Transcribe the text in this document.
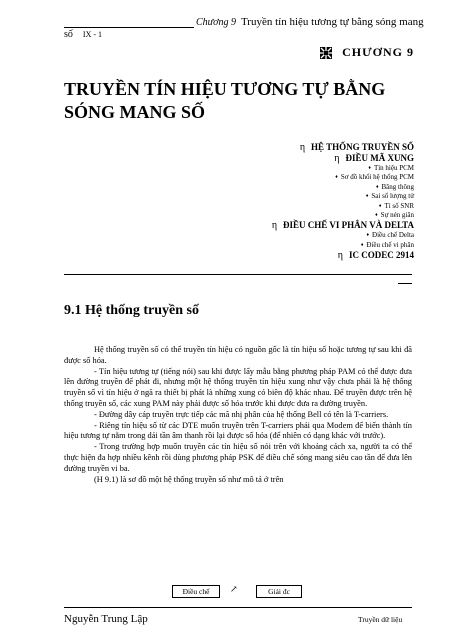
Chương 9 Truyền tín hiệu tương tự bằng sóng mang
số IX - 1
CHƯƠNG 9
TRUYỀN TÍN HIỆU TƯƠNG TỰ BẰNG SÓNG MANG SỐ
η HỆ THỐNG TRUYỀN SỐ
η ĐIỀU MÃ XUNG
♦ Tín hiệu PCM
♦ Sơ đồ khối hệ thống PCM
♦ Băng thông
♦ Sai số lượng tử
♦ Tỉ số SNR
♦ Sự nén giãn
η ĐIỀU CHẾ VI PHÂN VÀ DELTA
♦ Điều chế Delta
♦ Điều chế vi phân
η IC CODEC 2914
9.1 Hệ thống truyền số

Hệ thống truyền số có thể truyền tín hiệu có nguồn gốc là tín hiệu số hoặc tương tự sau khi đã được số hóa.

- Tín hiệu tương tự (tiếng nói) sau khi được lấy mẫu bằng phương pháp PAM có thể được đưa lên đường truyền để phát đi, nhưng một hệ thống truyền tín hiệu xung như vậy chưa phải là hệ thống truyền số vì tín hiệu ở ngã ra thiết bị phát là những xung có biên độ khác nhau. Để truyền được trên hệ thống truyền số, các xung PAM này phải được số hóa trước khi được đưa ra đường truyền.

- Đường dây cáp truyền trực tiếp các mã nhị phân của hệ thống Bell có tên là T-carriers.

- Riêng tín hiệu số từ các DTE muốn truyền trên T-carriers phải qua Modem để biến thành tín hiệu tương tự nằm trong dải tần âm thanh rồi lại được số hóa (để nhiên có dạng khác với trước).

- Trong trường hợp muốn truyền các tín hiệu số nói trên với khoảng cách xa, người ta có thể thực hiện đa hợp nhiều kênh rồi dùng phương pháp PSK để điều chế sóng mang siêu cao tần để đưa lên đường truyền vi ba.

(H 9.1) là sơ đồ một hệ thống truyền số như mô tả ở trên

Điều chế	↗	Giải đc
Nguyễn Trung Lập	Truyền dữ liệu
